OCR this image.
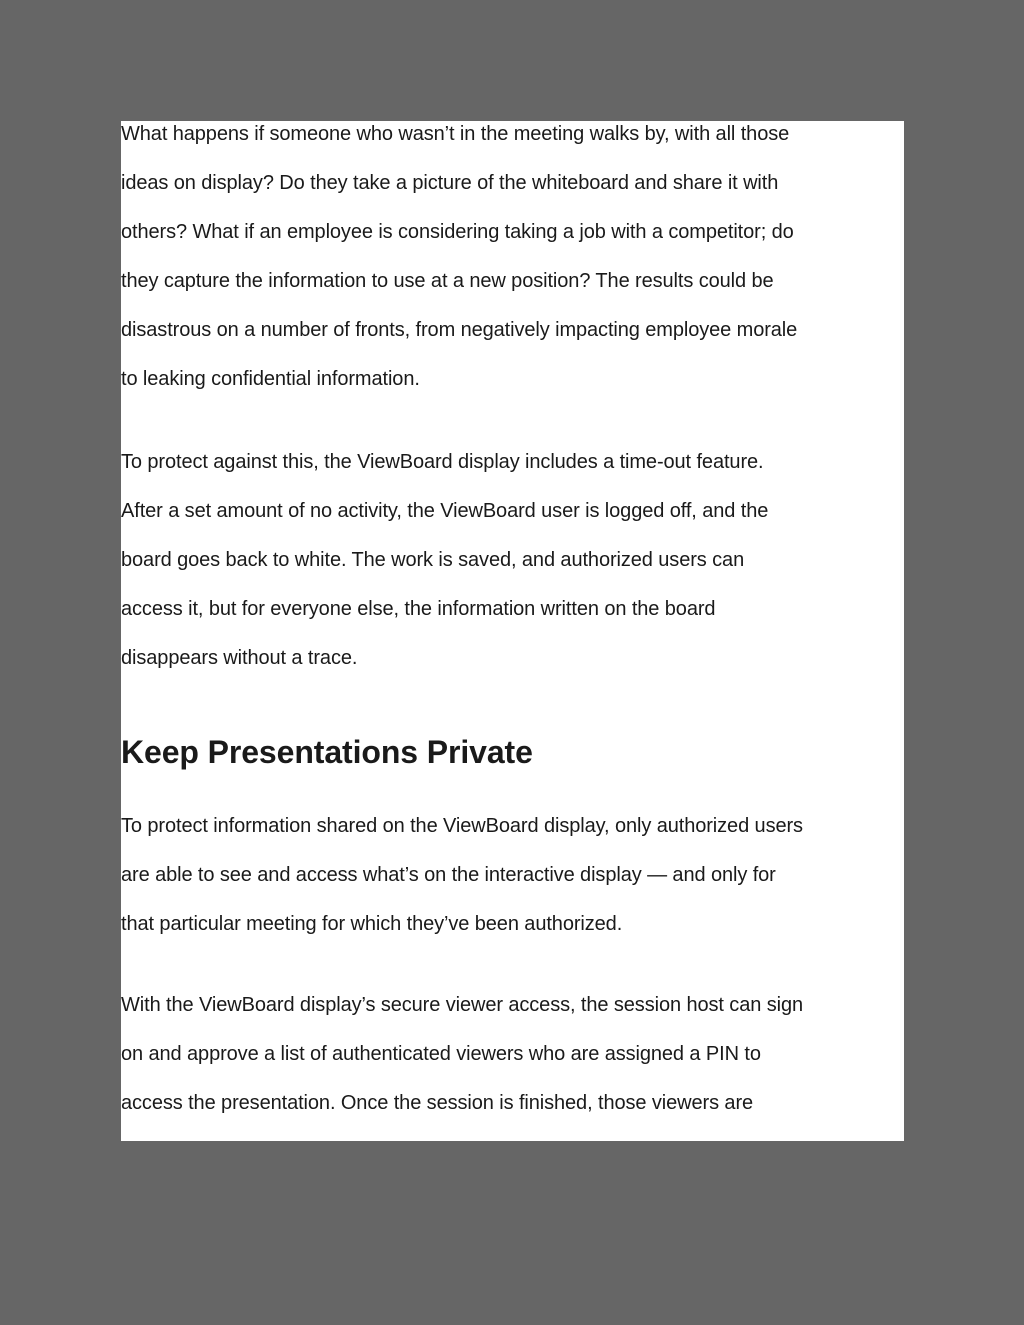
What happens if someone who wasn’t in the meeting walks by, with all those
ideas on display? Do they take a picture of the whiteboard and share it with
others? What if an employee is considering taking a job with a competitor; do
they capture the information to use at a new position? The results could be
disastrous on a number of fronts, from negatively impacting employee morale
to leaking confidential information.

To protect against this, the ViewBoard display includes a time-out feature.
After a set amount of no activity, the ViewBoard user is logged off, and the
board goes back to white. The work is saved, and authorized users can
access it, but for everyone else, the information written on the board
disappears without a trace.

Keep Presentations Private

To protect information shared on the ViewBoard display, only authorized users
are able to see and access what’s on the interactive display — and only for
that particular meeting for which they’ve been authorized.

With the ViewBoard display’s secure viewer access, the session host can sign
on and approve a list of authenticated viewers who are assigned a PIN to
access the presentation. Once the session is finished, those viewers are
